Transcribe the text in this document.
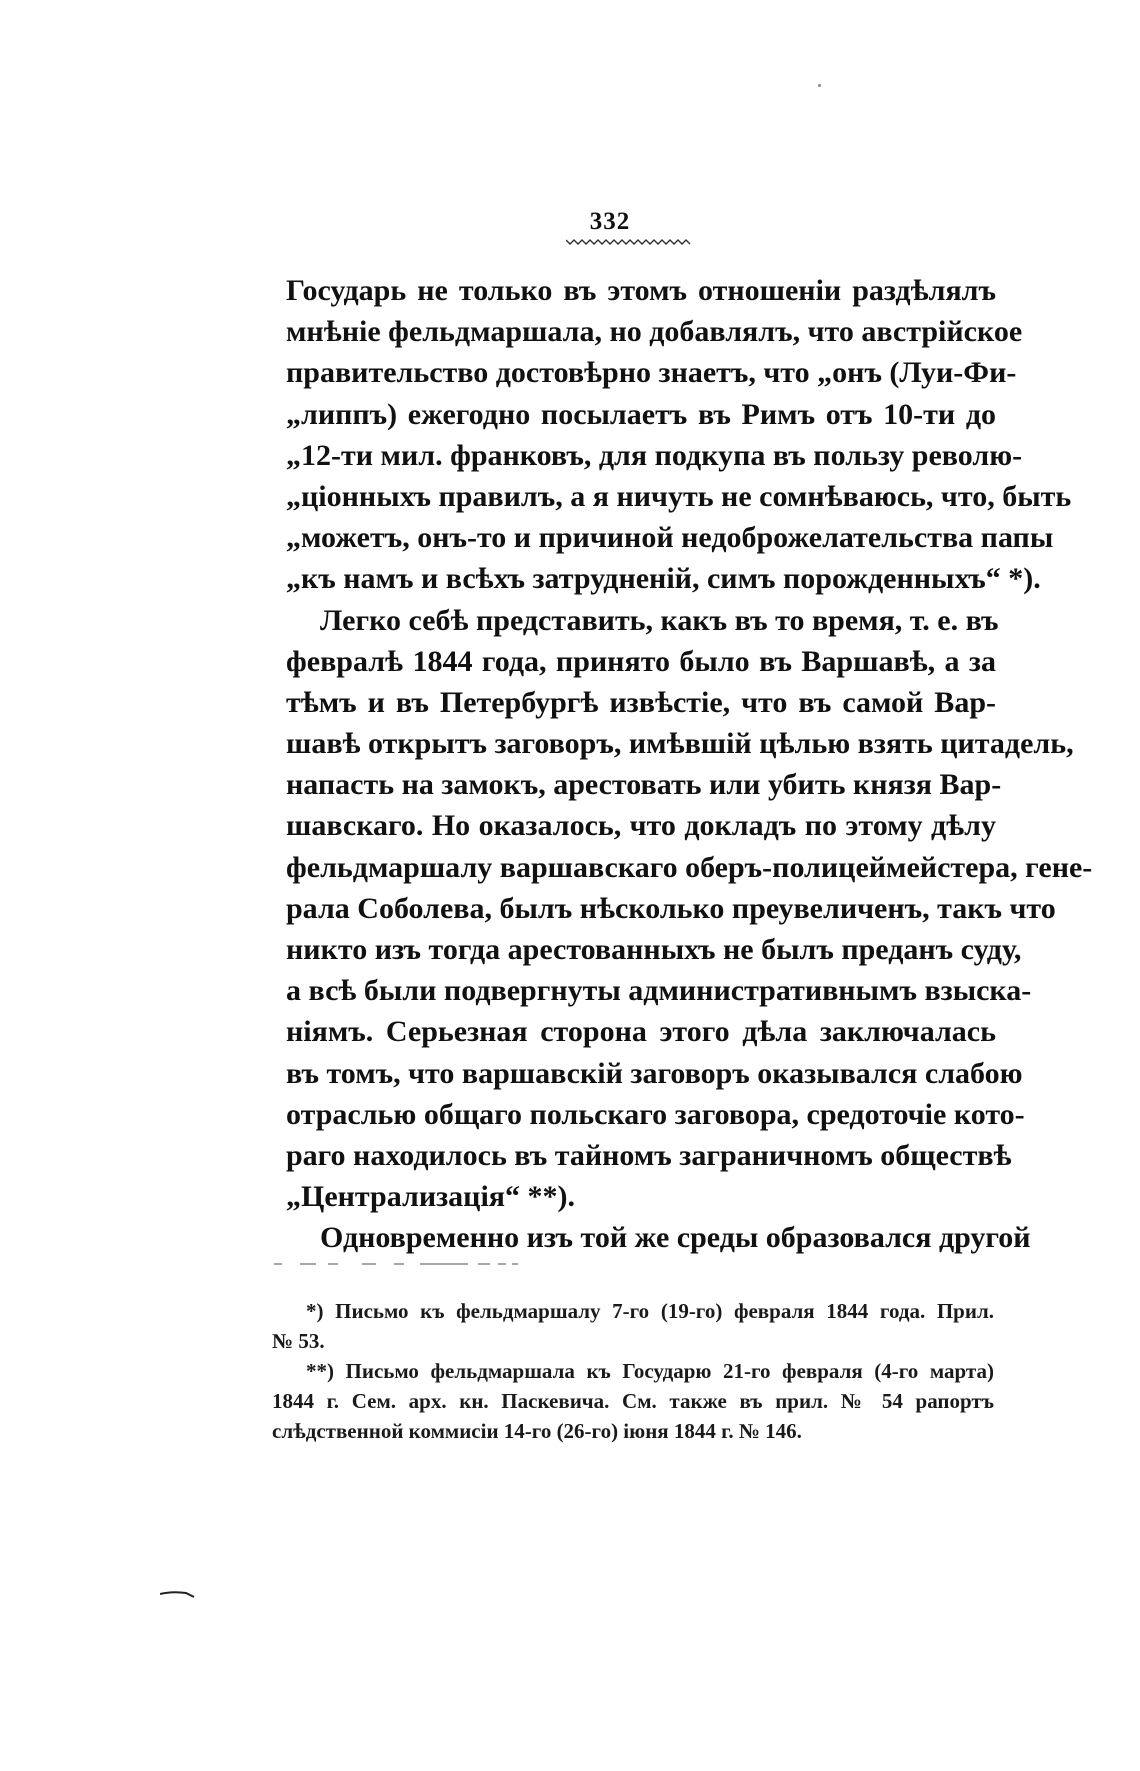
332
Государь не только въ этомъ отношенiи раздѣлялъ
мнѣнiе фельдмаршала, но добавлялъ, что австрiйское
правительство достовѣрно знаетъ, что „онъ (Луи-Фи-
„липпъ) ежегодно посылаетъ въ Римъ отъ 10-ти до
„12-ти мил. франковъ, для подкупа въ пользу револю-
„цiонныхъ правилъ, а я ничуть не сомнѣваюсь, что, быть
„можетъ, онъ-то и причиной недоброжелательства папы
„къ намъ и всѣхъ затрудненiй, симъ порожденныхъ“ *).
Легко себѣ представить, какъ въ то время, т. е. въ
февралѣ 1844 года, принято было въ Варшавѣ, а за
тѣмъ и въ Петербургѣ извѣстiе, что въ самой Вар-
шавѣ открытъ заговоръ, имѣвшiй цѣлью взять цитадель,
напасть на замокъ, арестовать или убить князя Вар-
шавскаго. Но оказалось, что докладъ по этому дѣлу
фельдмаршалу варшавскаго оберъ-полицеймейстера, гене-
рала Соболева, былъ нѣсколько преувеличенъ, такъ что
никто изъ тогда арестованныхъ не былъ преданъ суду,
а всѣ были подвергнуты административнымъ взыска-
нiямъ. Серьезная сторона этого дѣла заключалась
въ томъ, что варшавскiй заговоръ оказывался слабою
отраслью общаго польскаго заговора, средоточiе кото-
раго находилось въ тайномъ заграничномъ обществѣ
„Централизацiя“ **).
Одновременно изъ той же среды образовался другой
*) Письмо къ фельдмаршалу 7-го (19-го) февраля 1844 года. Прил.
№ 53.
**) Письмо фельдмаршала къ Государю 21-го февраля (4-го марта)
1844 г. Сем. арх. кн. Паскевича. См. также въ прил. № 54 рапортъ
слѣдственной коммисiи 14-го (26-го) iюня 1844 г. № 146.
